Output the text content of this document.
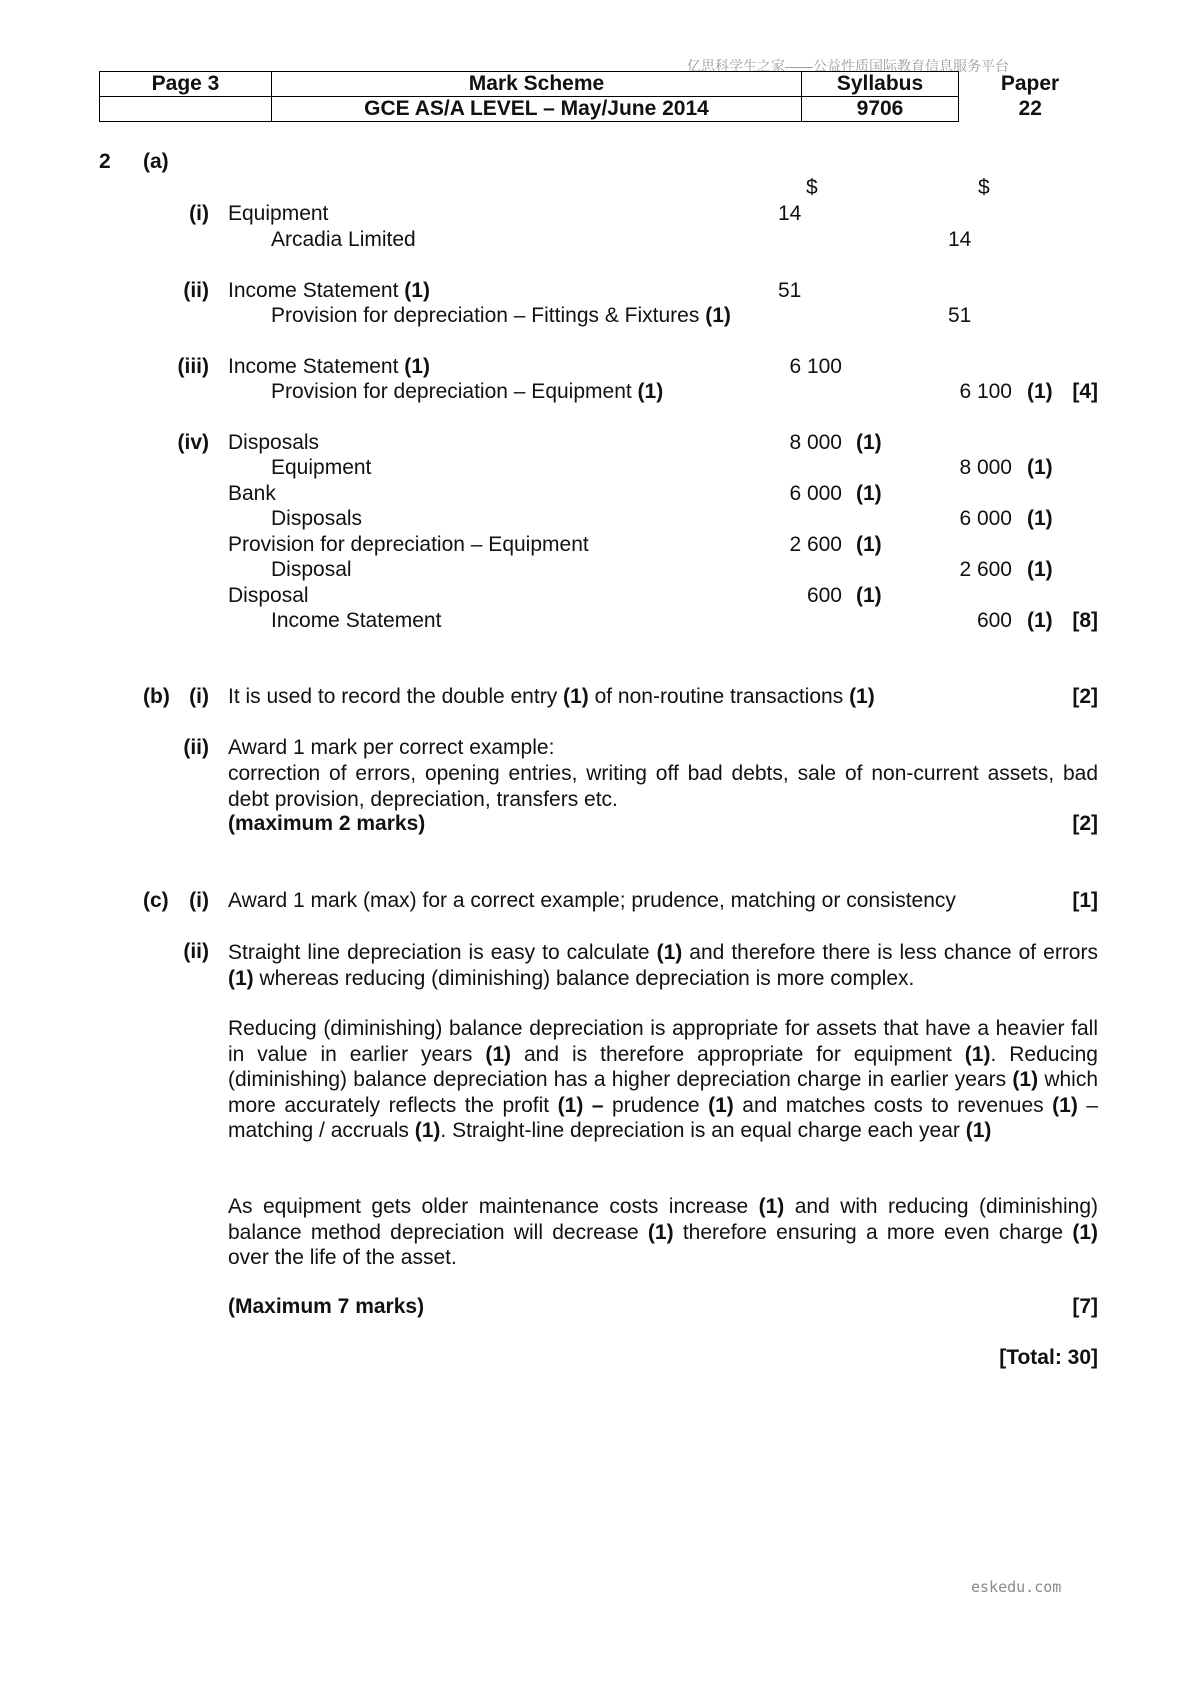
亿思科学生之家——公益性质国际教育信息服务平台
Page 3	Mark Scheme	Syllabus	Paper
	GCE AS/A LEVEL – May/June 2014	9706	22
2 (a)
$	$
(i) Equipment	14
Arcadia Limited	14
(ii) Income Statement (1)	51
Provision for depreciation – Fittings & Fixtures (1)	51
(iii) Income Statement (1)	6 100
Provision for depreciation – Equipment (1)	6 100 (1) [4]
(iv) Disposals	8 000 (1)
Equipment	8 000 (1)
Bank	6 000 (1)
Disposals	6 000 (1)
Provision for depreciation – Equipment	2 600 (1)
Disposal	2 600 (1)
Disposal	600 (1)
Income Statement	600 (1) [8]
(b) (i) It is used to record the double entry (1) of non-routine transactions (1)	[2]
(ii) Award 1 mark per correct example:
correction of errors, opening entries, writing off bad debts, sale of non-current assets, bad debt provision, depreciation, transfers etc.
(maximum 2 marks)	[2]
(c) (i) Award 1 mark (max) for a correct example; prudence, matching or consistency	[1]
(ii) Straight line depreciation is easy to calculate (1) and therefore there is less chance of errors (1) whereas reducing (diminishing) balance depreciation is more complex.
Reducing (diminishing) balance depreciation is appropriate for assets that have a heavier fall in value in earlier years (1) and is therefore appropriate for equipment (1). Reducing (diminishing) balance depreciation has a higher depreciation charge in earlier years (1) which more accurately reflects the profit (1) – prudence (1) and matches costs to revenues (1) – matching / accruals (1). Straight-line depreciation is an equal charge each year (1)
As equipment gets older maintenance costs increase (1) and with reducing (diminishing) balance method depreciation will decrease (1) therefore ensuring a more even charge (1) over the life of the asset.
(Maximum 7 marks)	[7]
[Total: 30]
eskedu.com
